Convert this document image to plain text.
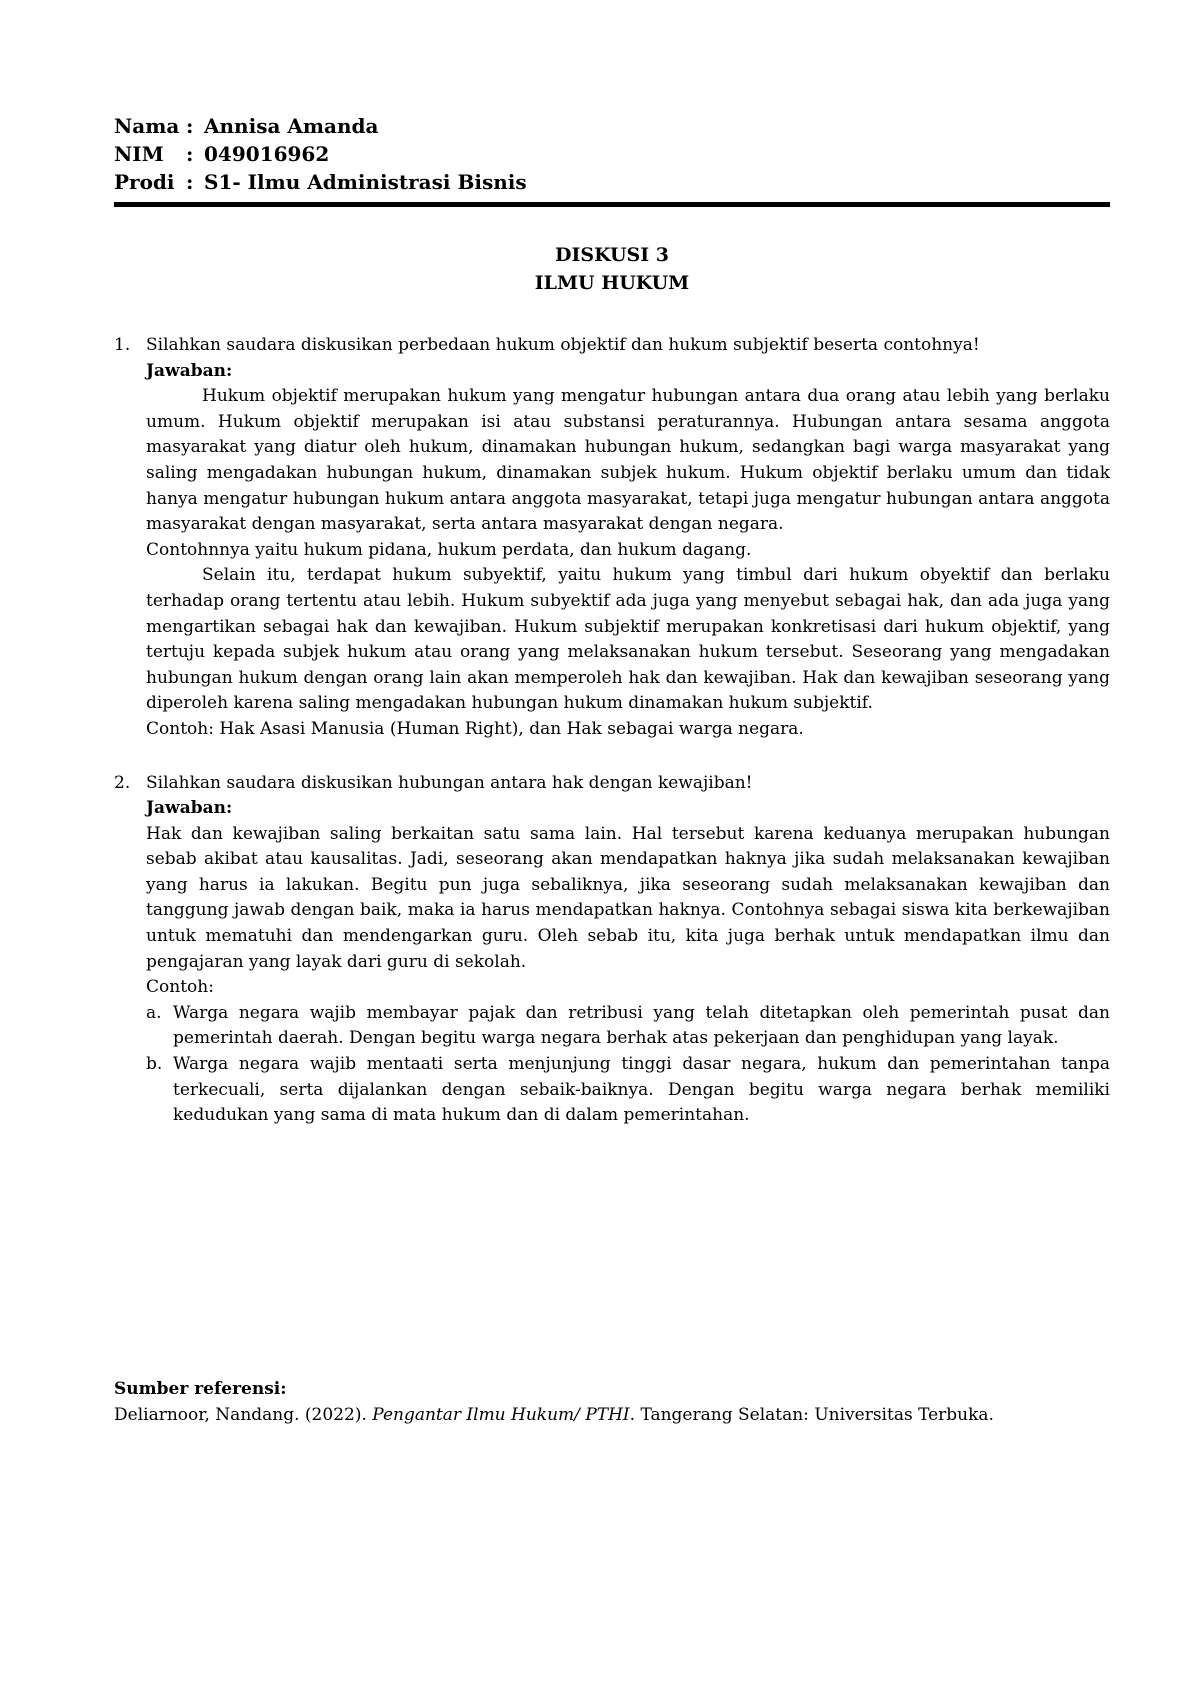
Nama : Annisa Amanda
NIM	: 049016962
Prodi : S1- Ilmu Administrasi Bisnis
DISKUSI 3
ILMU HUKUM
1. Silahkan saudara diskusikan perbedaan hukum objektif dan hukum subjektif beserta contohnya!
Jawaban:
Hukum objektif merupakan hukum yang mengatur hubungan antara dua orang atau lebih yang berlaku umum. Hukum objektif merupakan isi atau substansi peraturannya. Hubungan antara sesama anggota masyarakat yang diatur oleh hukum, dinamakan hubungan hukum, sedangkan bagi warga masyarakat yang saling mengadakan hubungan hukum, dinamakan subjek hukum. Hukum objektif berlaku umum dan tidak hanya mengatur hubungan hukum antara anggota masyarakat, tetapi juga mengatur hubungan antara anggota masyarakat dengan masyarakat, serta antara masyarakat dengan negara.
Contohnnya yaitu hukum pidana, hukum perdata, dan hukum dagang.
Selain itu, terdapat hukum subyektif, yaitu hukum yang timbul dari hukum obyektif dan berlaku terhadap orang tertentu atau lebih. Hukum subyektif ada juga yang menyebut sebagai hak, dan ada juga yang mengartikan sebagai hak dan kewajiban. Hukum subjektif merupakan konkretisasi dari hukum objektif, yang tertuju kepada subjek hukum atau orang yang melaksanakan hukum tersebut. Seseorang yang mengadakan hubungan hukum dengan orang lain akan memperoleh hak dan kewajiban. Hak dan kewajiban seseorang yang diperoleh karena saling mengadakan hubungan hukum dinamakan hukum subjektif.
Contoh: Hak Asasi Manusia (Human Right), dan Hak sebagai warga negara.
2. Silahkan saudara diskusikan hubungan antara hak dengan kewajiban!
Jawaban:
Hak dan kewajiban saling berkaitan satu sama lain. Hal tersebut karena keduanya merupakan hubungan sebab akibat atau kausalitas. Jadi, seseorang akan mendapatkan haknya jika sudah melaksanakan kewajiban yang harus ia lakukan. Begitu pun juga sebaliknya, jika seseorang sudah melaksanakan kewajiban dan tanggung jawab dengan baik, maka ia harus mendapatkan haknya. Contohnya sebagai siswa kita berkewajiban untuk mematuhi dan mendengarkan guru. Oleh sebab itu, kita juga berhak untuk mendapatkan ilmu dan pengajaran yang layak dari guru di sekolah.
Contoh:
a. Warga negara wajib membayar pajak dan retribusi yang telah ditetapkan oleh pemerintah pusat dan pemerintah daerah. Dengan begitu warga negara berhak atas pekerjaan dan penghidupan yang layak.
b. Warga negara wajib mentaati serta menjunjung tinggi dasar negara, hukum dan pemerintahan tanpa terkecuali, serta dijalankan dengan sebaik-baiknya. Dengan begitu warga negara berhak memiliki kedudukan yang sama di mata hukum dan di dalam pemerintahan.
Sumber referensi:
Deliarnoor, Nandang. (2022). Pengantar Ilmu Hukum/ PTHI. Tangerang Selatan: Universitas Terbuka.
